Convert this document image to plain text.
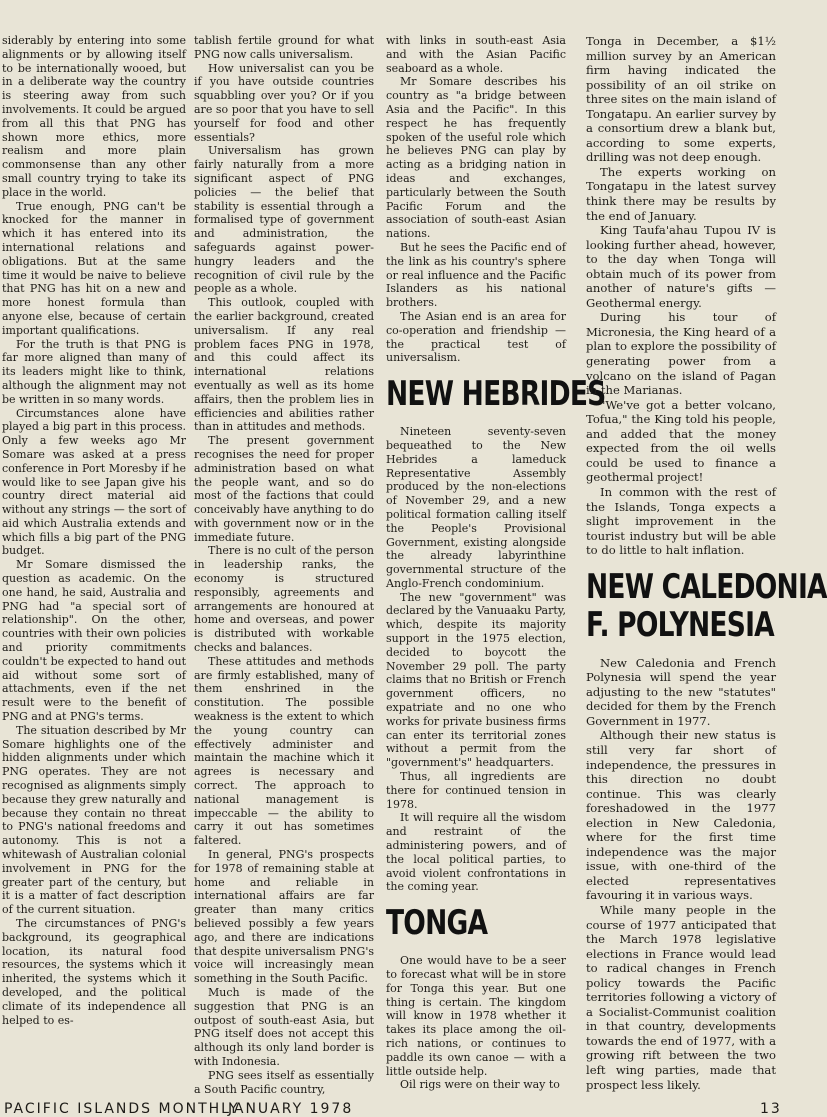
siderably by entering into some alignments or by allowing itself to be internationally wooed, but in a deliberate way the country is steering away from such involvements. It could be argued from all this that PNG has shown more ethics, more realism and more plain commonsense than any other small country trying to take its place in the world.

True enough, PNG can't be knocked for the manner in which it has entered into its international relations and obligations. But at the same time it would be naive to believe that PNG has hit on a new and more honest formula than anyone else, because of certain important qualifications.

For the truth is that PNG is far more aligned than many of its leaders might like to think, although the alignment may not be written in so many words.

Circumstances alone have played a big part in this process. Only a few weeks ago Mr Somare was asked at a press conference in Port Moresby if he would like to see Japan give his country direct material aid without any strings — the sort of aid which Australia extends and which fills a big part of the PNG budget.

Mr Somare dismissed the question as academic. On the one hand, he said, Australia and PNG had "a special sort of relationship". On the other, countries with their own policies and priority commitments couldn't be expected to hand out aid without some sort of attachments, even if the net result were to the benefit of PNG and at PNG's terms.

The situation described by Mr Somare highlights one of the hidden alignments under which PNG operates. They are not recognised as alignments simply because they grew naturally and because they contain no threat to PNG's national freedoms and autonomy. This is not a whitewash of Australian colonial involvement in PNG for the greater part of the century, but it is a matter of fact description of the current situation.

The circumstances of PNG's background, its geographical location, its natural food resources, the systems which it inherited, the systems which it developed, and the political climate of its independence all helped to es-

tablish fertile ground for what PNG now calls universalism.

How universalist can you be if you have outside countries squabbling over you? Or if you are so poor that you have to sell yourself for food and other essentials?

Universalism has grown fairly naturally from a more significant aspect of PNG policies — the belief that stability is essential through a formalised type of government and administration, the safeguards against power-hungry leaders and the recognition of civil rule by the people as a whole.

This outlook, coupled with the earlier background, created universalism. If any real problem faces PNG in 1978, and this could affect its international relations eventually as well as its home affairs, then the problem lies in efficiencies and abilities rather than in attitudes and methods.

The present government recognises the need for proper administration based on what the people want, and so do most of the factions that could conceivably have anything to do with government now or in the immediate future.

There is no cult of the person in leadership ranks, the economy is structured responsibly, agreements and arrangements are honoured at home and overseas, and power is distributed with workable checks and balances.

These attitudes and methods are firmly established, many of them enshrined in the constitution. The possible weakness is the extent to which the young country can effectively administer and maintain the machine which it agrees is necessary and correct. The approach to national management is impeccable — the ability to carry it out has sometimes faltered.

In general, PNG's prospects for 1978 of remaining stable at home and reliable in international affairs are far greater than many critics believed possibly a few years ago, and there are indications that despite universalism PNG's voice will increasingly mean something in the South Pacific.

Much is made of the suggestion that PNG is an outpost of south-east Asia, but PNG itself does not accept this although its only land border is with Indonesia.

PNG sees itself as essentially a South Pacific country,

with links in south-east Asia and with the Asian Pacific seaboard as a whole.

Mr Somare describes his country as "a bridge between Asia and the Pacific". In this respect he has frequently spoken of the useful role which he believes PNG can play by acting as a bridging nation in ideas and exchanges, particularly between the South Pacific Forum and the association of south-east Asian nations.

But he sees the Pacific end of the link as his country's sphere or real influence and the Pacific Islanders as his national brothers.

The Asian end is an area for co-operation and friendship — the practical test of universalism.

NEW HEBRIDES

Nineteen seventy-seven bequeathed to the New Hebrides a lameduck Representative Assembly produced by the non-elections of November 29, and a new political formation calling itself the People's Provisional Government, existing alongside the already labyrinthine governmental structure of the Anglo-French condominium.

The new "government" was declared by the Vanuaaku Party, which, despite its majority support in the 1975 election, decided to boycott the November 29 poll. The party claims that no British or French government officers, no expatriate and no one who works for private business firms can enter its territorial zones without a permit from the "government's" headquarters.

Thus, all ingredients are there for continued tension in 1978.

It will require all the wisdom and restraint of the administering powers, and of the local political parties, to avoid violent confrontations in the coming year.

TONGA

One would have to be a seer to forecast what will be in store for Tonga this year. But one thing is certain. The kingdom will know in 1978 whether it takes its place among the oil-rich nations, or continues to paddle its own canoe — with a little outside help.

Oil rigs were on their way to

Tonga in December, a $1½ million survey by an American firm having indicated the possibility of an oil strike on three sites on the main island of Tongatapu. An earlier survey by a consortium drew a blank but, according to some experts, drilling was not deep enough.

The experts working on Tongatapu in the latest survey think there may be results by the end of January.

King Taufa'ahau Tupou IV is looking further ahead, however, to the day when Tonga will obtain much of its power from another of nature's gifts — Geothermal energy.

During his tour of Micronesia, the King heard of a plan to explore the possibility of generating power from a volcano on the island of Pagan in the Marianas.

"We've got a better volcano, Tofua," the King told his people, and added that the money expected from the oil wells could be used to finance a geothermal project!

In common with the rest of the Islands, Tonga expects a slight improvement in the tourist industry but will be able to do little to halt inflation.

NEW CALEDONIA
F. POLYNESIA

New Caledonia and French Polynesia will spend the year adjusting to the new "statutes" decided for them by the French Government in 1977.

Although their new status is still very far short of independence, the pressures in this direction no doubt continue. This was clearly foreshadowed in the 1977 election in New Caledonia, where for the first time independence was the major issue, with one-third of the elected representatives favouring it in various ways.

While many people in the course of 1977 anticipated that the March 1978 legislative elections in France would lead to radical changes in French policy towards the Pacific territories following a victory of a Socialist-Communist coalition in that country, developments towards the end of 1977, with a growing rift between the two left wing parties, made that prospect less likely.

PACIFIC ISLANDS MONTHLY
JANUARY 1978	13
